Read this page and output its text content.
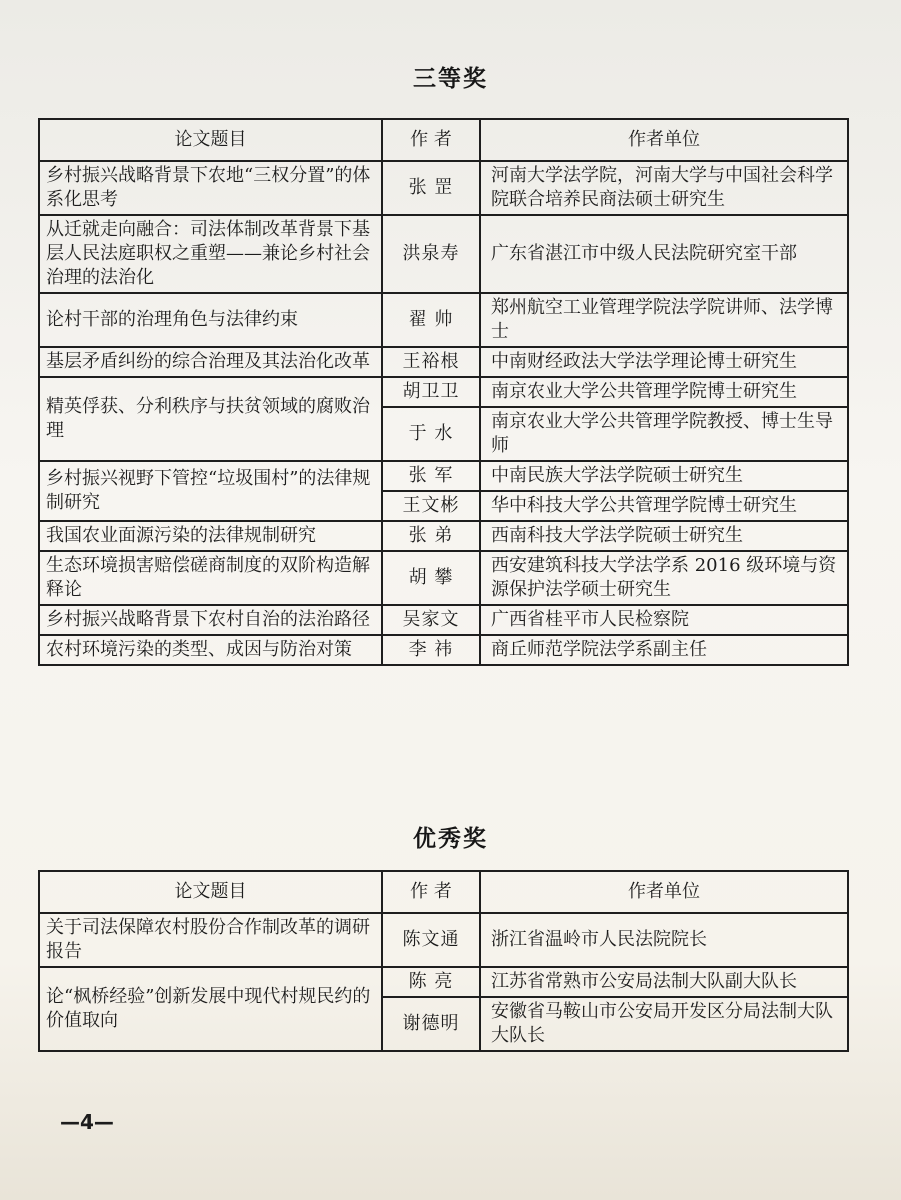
三等奖
论文题目	作 者	作者单位
乡村振兴战略背景下农地“三权分置”的体系化思考	张 罡	河南大学法学院，河南大学与中国社会科学院联合培养民商法硕士研究生
从迁就走向融合：司法体制改革背景下基层人民法庭职权之重塑——兼论乡村社会治理的法治化	洪泉寿	广东省湛江市中级人民法院研究室干部
论村干部的治理角色与法律约束	翟 帅	郑州航空工业管理学院法学院讲师、法学博士
基层矛盾纠纷的综合治理及其法治化改革	王裕根	中南财经政法大学法学理论博士研究生
精英俘获、分利秩序与扶贫领域的腐败治理	胡卫卫	南京农业大学公共管理学院博士研究生
	于 水	南京农业大学公共管理学院教授、博士生导师
乡村振兴视野下管控“垃圾围村”的法律规制研究	张 军	中南民族大学法学院硕士研究生
	王文彬	华中科技大学公共管理学院博士研究生
我国农业面源污染的法律规制研究	张 弟	西南科技大学法学院硕士研究生
生态环境损害赔偿磋商制度的双阶构造解释论	胡 攀	西安建筑科技大学法学系 2016 级环境与资源保护法学硕士研究生
乡村振兴战略背景下农村自治的法治路径	吴家文	广西省桂平市人民检察院
农村环境污染的类型、成因与防治对策	李 祎	商丘师范学院法学系副主任
优秀奖
论文题目	作 者	作者单位
关于司法保障农村股份合作制改革的调研报告	陈文通	浙江省温岭市人民法院院长
论“枫桥经验”创新发展中现代村规民约的价值取向	陈 亮	江苏省常熟市公安局法制大队副大队长
	谢德明	安徽省马鞍山市公安局开发区分局法制大队大队长
—4—
